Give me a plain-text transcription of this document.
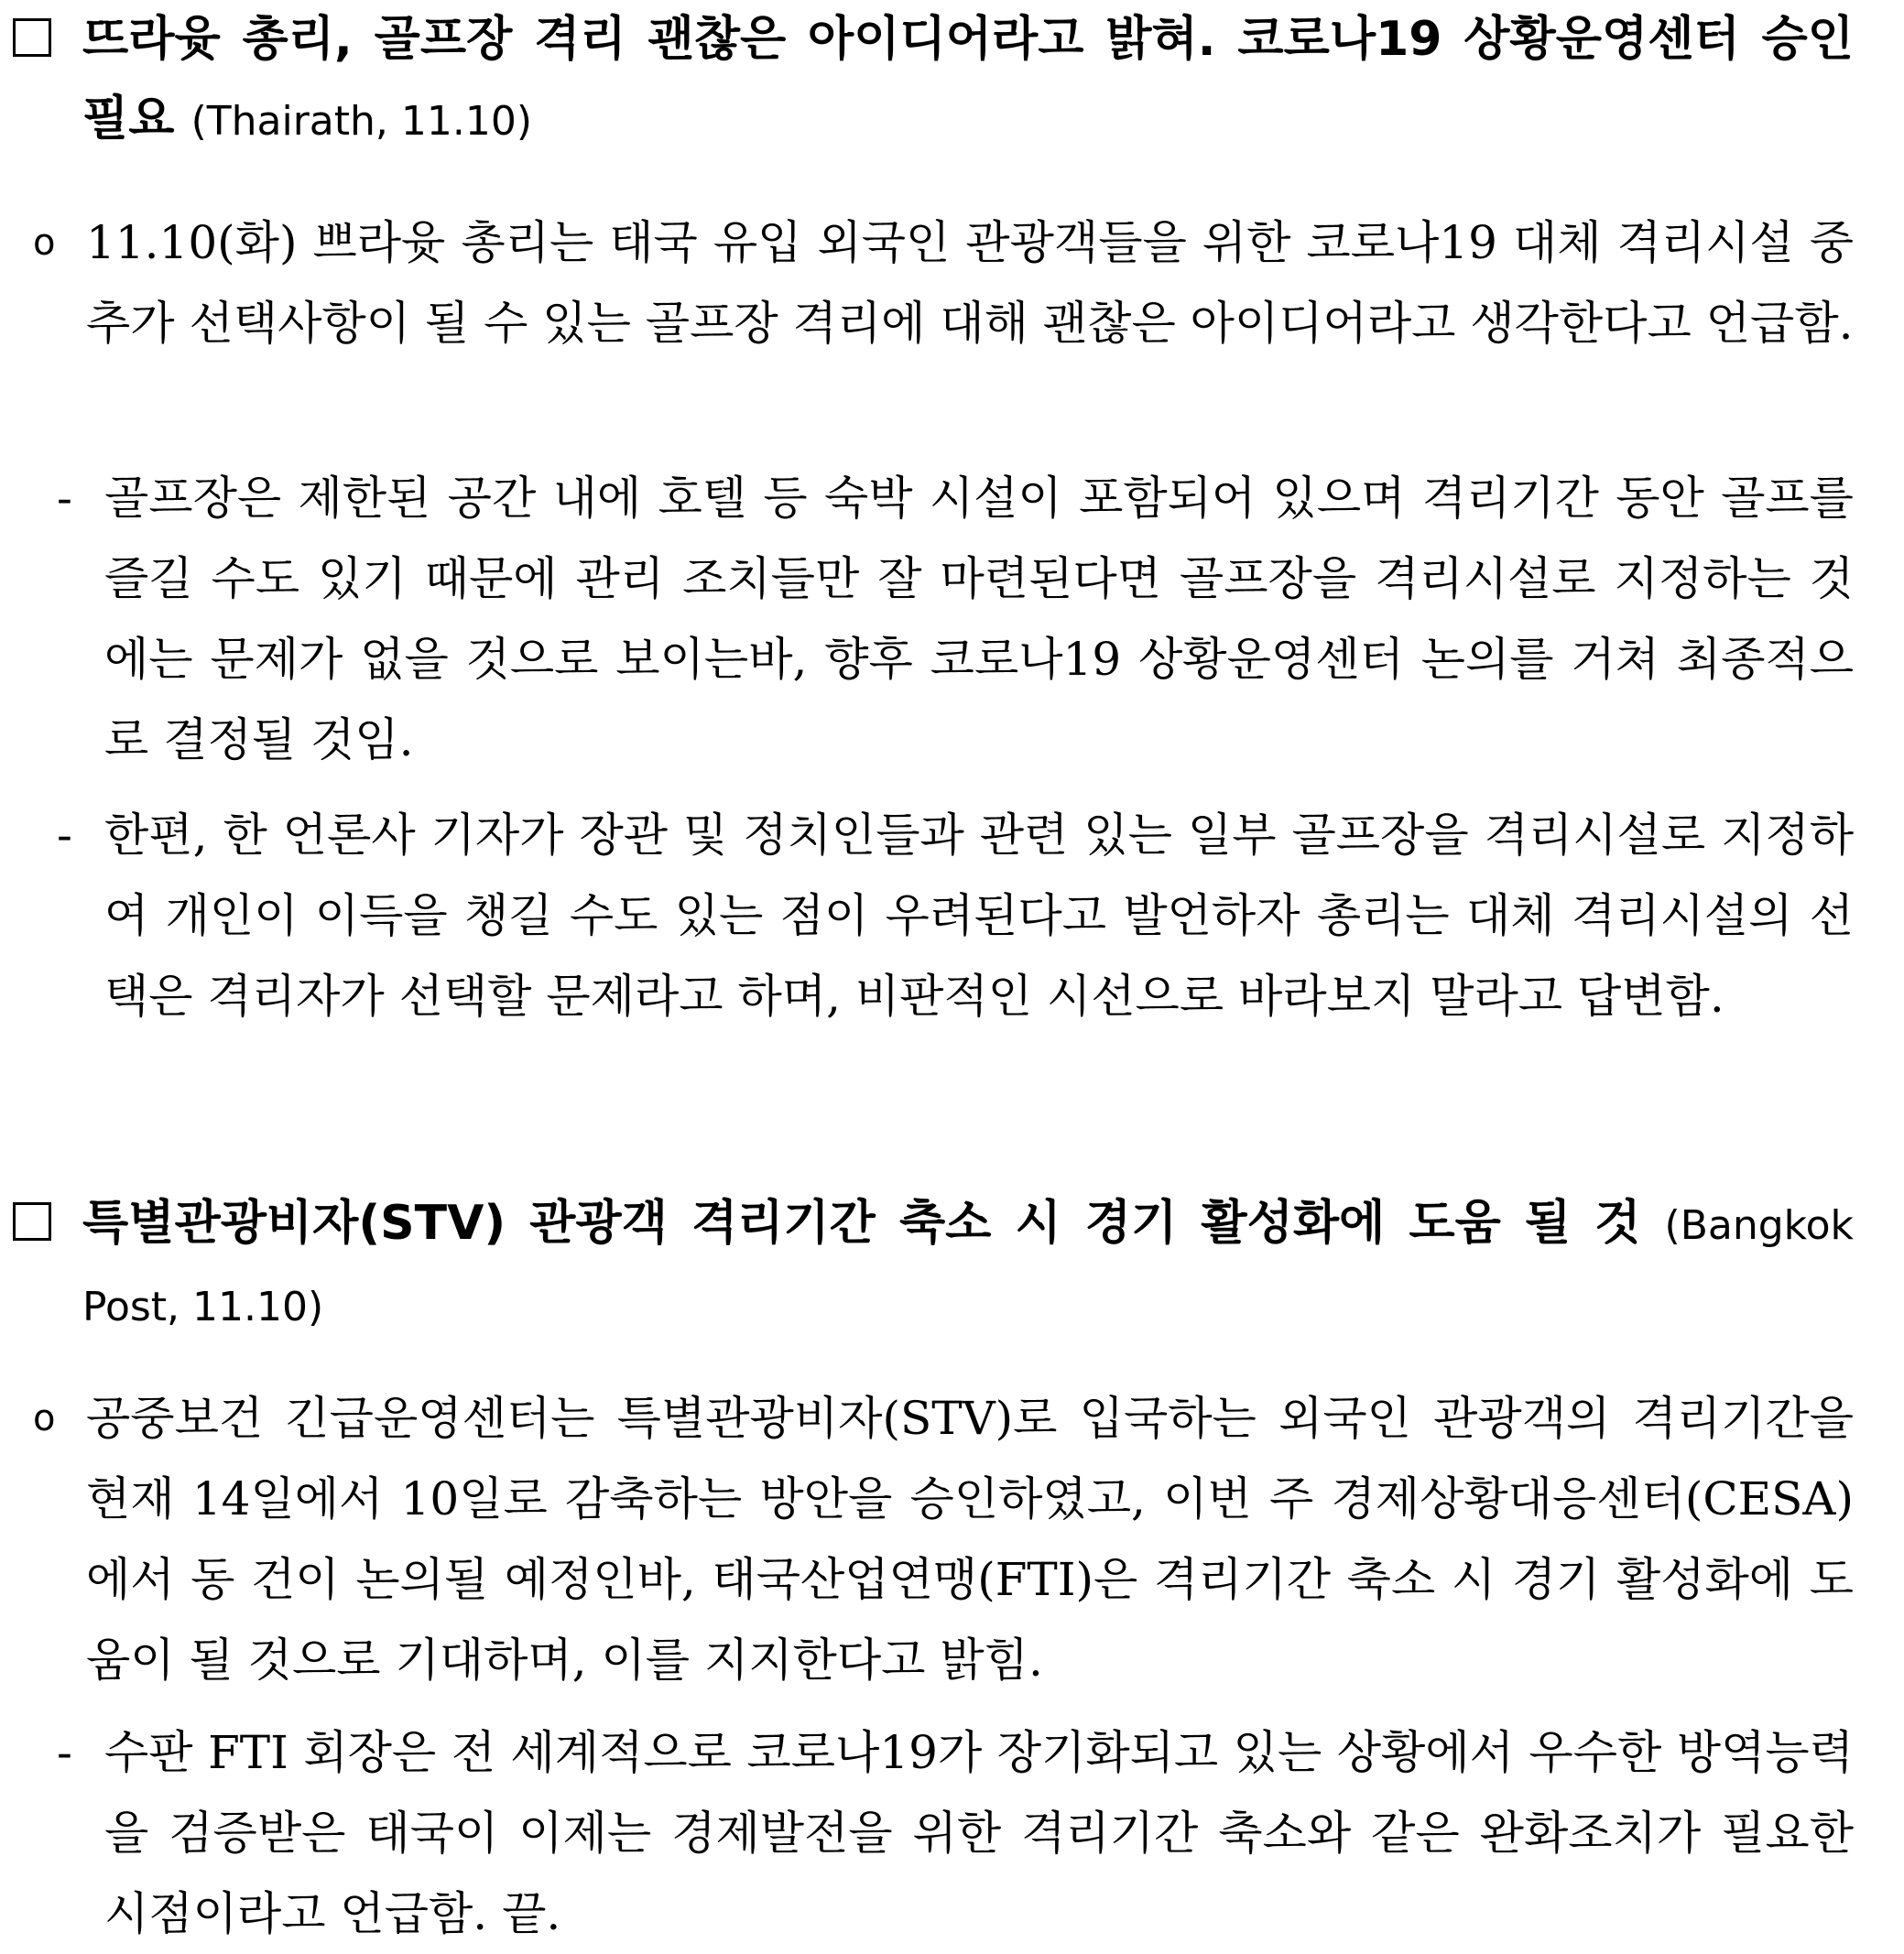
뜨라윳 총리, 골프장 격리 괜찮은 아이디어라고 밝혀. 코로나19 상황운영센터 승인 필요 (Thairath, 11.10)
o 11.10(화) 쁘라윳 총리는 태국 유입 외국인 관광객들을 위한 코로나19 대체 격리시설 중 추가 선택사항이 될 수 있는 골프장 격리에 대해 괜찮은 아이디어라고 생각한다고 언급함.
- 골프장은 제한된 공간 내에 호텔 등 숙박 시설이 포함되어 있으며 격리기간 동안 골프를 즐길 수도 있기 때문에 관리 조치들만 잘 마련된다면 골프장을 격리시설로 지정하는 것에는 문제가 없을 것으로 보이는바, 향후 코로나19 상황운영센터 논의를 거쳐 최종적으로 결정될 것임.
- 한편, 한 언론사 기자가 장관 및 정치인들과 관련 있는 일부 골프장을 격리시설로 지정하여 개인이 이득을 챙길 수도 있는 점이 우려된다고 발언하자 총리는 대체 격리시설의 선택은 격리자가 선택할 문제라고 하며, 비판적인 시선으로 바라보지 말라고 답변함.
특별관광비자(STV) 관광객 격리기간 축소 시 경기 활성화에 도움 될 것 (Bangkok Post, 11.10)
o 공중보건 긴급운영센터는 특별관광비자(STV)로 입국하는 외국인 관광객의 격리기간을 현재 14일에서 10일로 감축하는 방안을 승인하였고, 이번 주 경제상황대응센터(CESA)에서 동 건이 논의될 예정인바, 태국산업연맹(FTI)은 격리기간 축소 시 경기 활성화에 도움이 될 것으로 기대하며, 이를 지지한다고 밝힘.
- 수판 FTI 회장은 전 세계적으로 코로나19가 장기화되고 있는 상황에서 우수한 방역능력을 검증받은 태국이 이제는 경제발전을 위한 격리기간 축소와 같은 완화조치가 필요한 시점이라고 언급함. 끝.
